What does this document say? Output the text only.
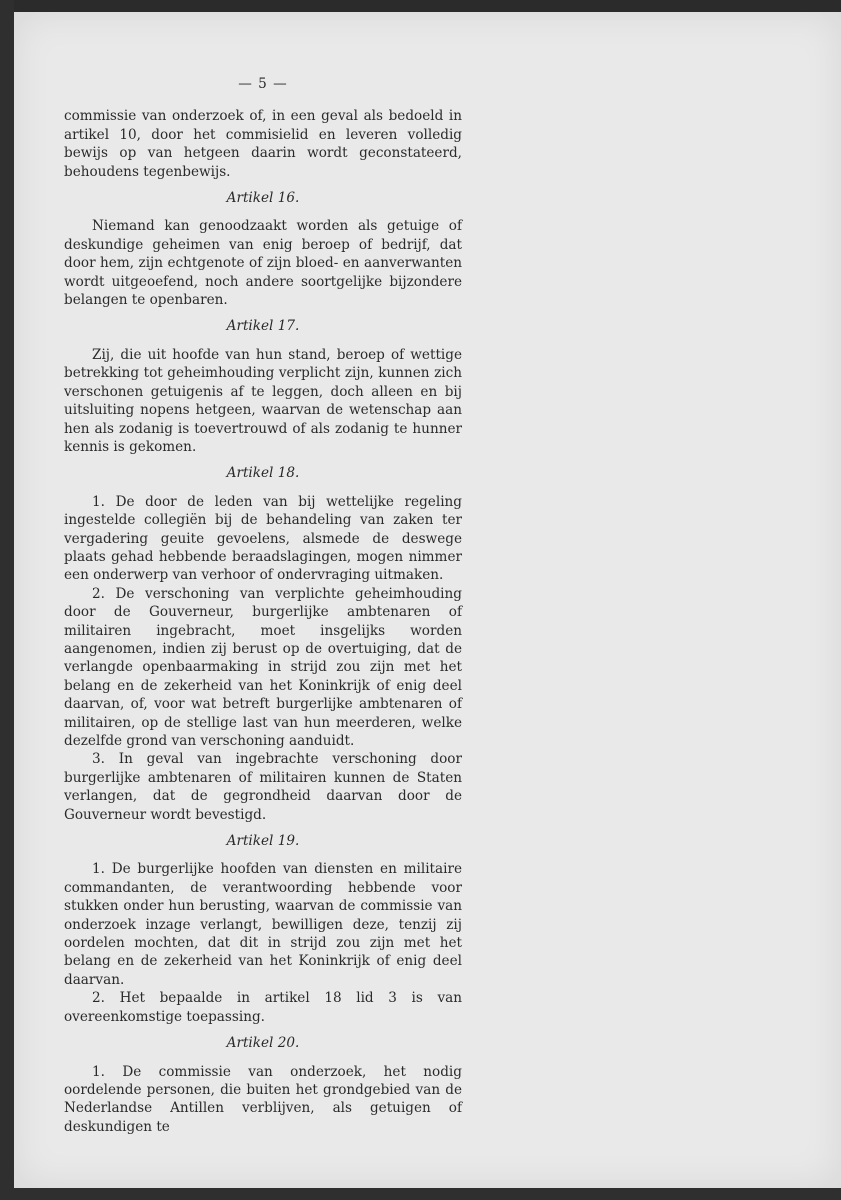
— 5 —

commissie van onderzoek of, in een geval als bedoeld in artikel 10, door het commisielid en leveren volledig bewijs op van hetgeen daarin wordt geconstateerd, behoudens tegenbewijs.

Artikel 16.

Niemand kan genoodzaakt worden als getuige of deskundige geheimen van enig beroep of bedrijf, dat door hem, zijn echtgenote of zijn bloed- en aanverwanten wordt uitgeoefend, noch andere soortgelijke bijzondere belangen te openbaren.

Artikel 17.

Zij, die uit hoofde van hun stand, beroep of wettige betrekking tot geheimhouding verplicht zijn, kunnen zich verschonen getuigenis af te leggen, doch alleen en bij uitsluiting nopens hetgeen, waarvan de wetenschap aan hen als zodanig is toevertrouwd of als zodanig te hunner kennis is gekomen.

Artikel 18.

1. De door de leden van bij wettelijke regeling ingestelde collegiën bij de behandeling van zaken ter vergadering geuite gevoelens, alsmede de deswege plaats gehad hebbende beraadslagingen, mogen nimmer een onderwerp van verhoor of ondervraging uitmaken.

2. De verschoning van verplichte geheimhouding door de Gouverneur, burgerlijke ambtenaren of militairen ingebracht, moet insgelijks worden aangenomen, indien zij berust op de overtuiging, dat de verlangde openbaarmaking in strijd zou zijn met het belang en de zekerheid van het Koninkrijk of enig deel daarvan, of, voor wat betreft burgerlijke ambtenaren of militairen, op de stellige last van hun meerderen, welke dezelfde grond van verschoning aanduidt.

3. In geval van ingebrachte verschoning door burgerlijke ambtenaren of militairen kunnen de Staten verlangen, dat de gegrondheid daarvan door de Gouverneur wordt bevestigd.

Artikel 19.

1. De burgerlijke hoofden van diensten en militaire commandanten, de verantwoording hebbende voor stukken onder hun berusting, waarvan de commissie van onderzoek inzage verlangt, bewilligen deze, tenzij zij oordelen mochten, dat dit in strijd zou zijn met het belang en de zekerheid van het Koninkrijk of enig deel daarvan.

2. Het bepaalde in artikel 18 lid 3 is van overeenkomstige toepassing.

Artikel 20.

1. De commissie van onderzoek, het nodig oordelende personen, die buiten het grondgebied van de Nederlandse Antillen verblijven, als getuigen of deskundigen te
